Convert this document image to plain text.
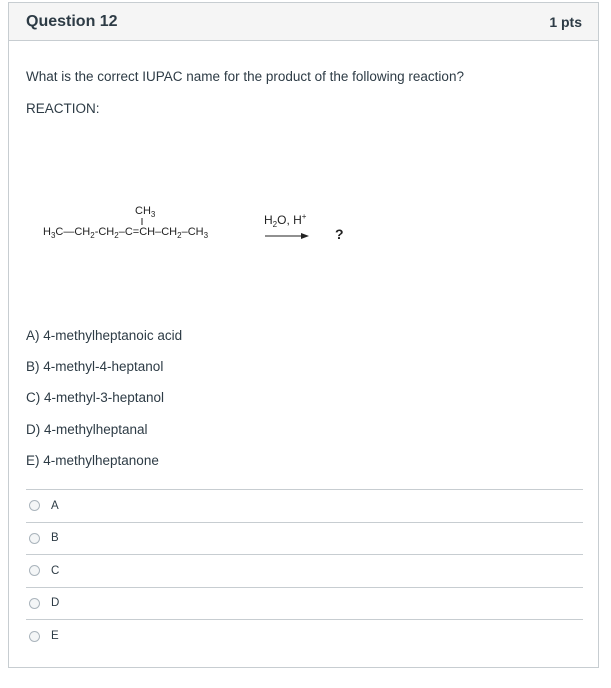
Question 12	1 pts
What is the correct IUPAC name for the product of the following reaction?
REACTION:
$CH_3$
$H_3C—CH_2-CH_2-C=CH-CH_2-CH_3$
$H_2O$, H+
?
A) 4-methylheptanoic acid
B) 4-methyl-4-heptanol
C) 4-methyl-3-heptanol
D) 4-methylheptanal
E) 4-methylheptanone
A
B
C
D
E
